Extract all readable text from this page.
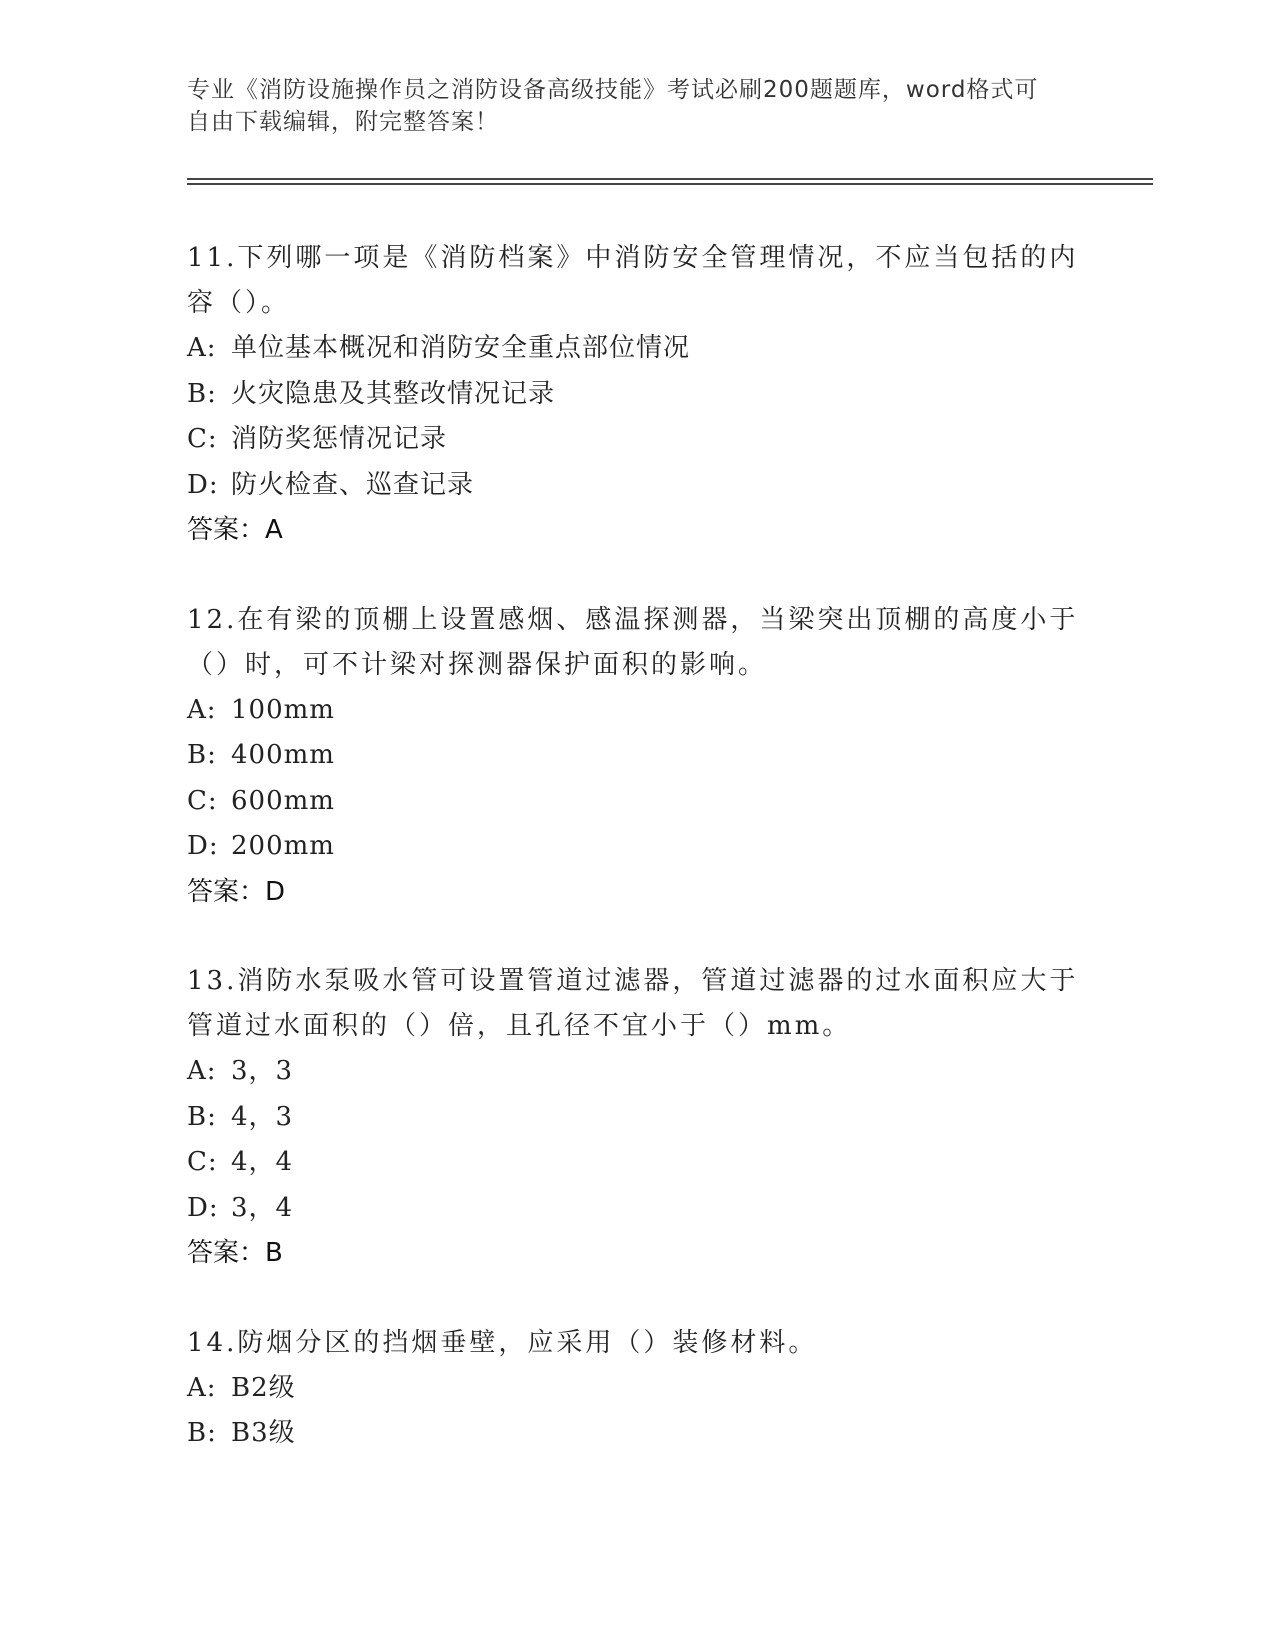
专业《消防设施操作员之消防设备高级技能》考试必刷200题题库，word格式可
自由下载编辑，附完整答案！

11.下列哪一项是《消防档案》中消防安全管理情况，不应当包括的内容（）。

A: 单位基本概况和消防安全重点部位情况
B: 火灾隐患及其整改情况记录
C: 消防奖惩情况记录
D: 防火检查、巡查记录
答案：A

12.在有梁的顶棚上设置感烟、感温探测器，当梁突出顶棚的高度小于（）时，可不计梁对探测器保护面积的影响。

A: 100mm
B: 400mm
C: 600mm
D: 200mm
答案：D

13.消防水泵吸水管可设置管道过滤器，管道过滤器的过水面积应大于管道过水面积的（）倍，且孔径不宜小于（）mm。

A: 3，3
B: 4，3
C: 4，4
D: 3，4
答案：B

14.防烟分区的挡烟垂壁，应采用（）装修材料。

A: B2级
B: B3级
